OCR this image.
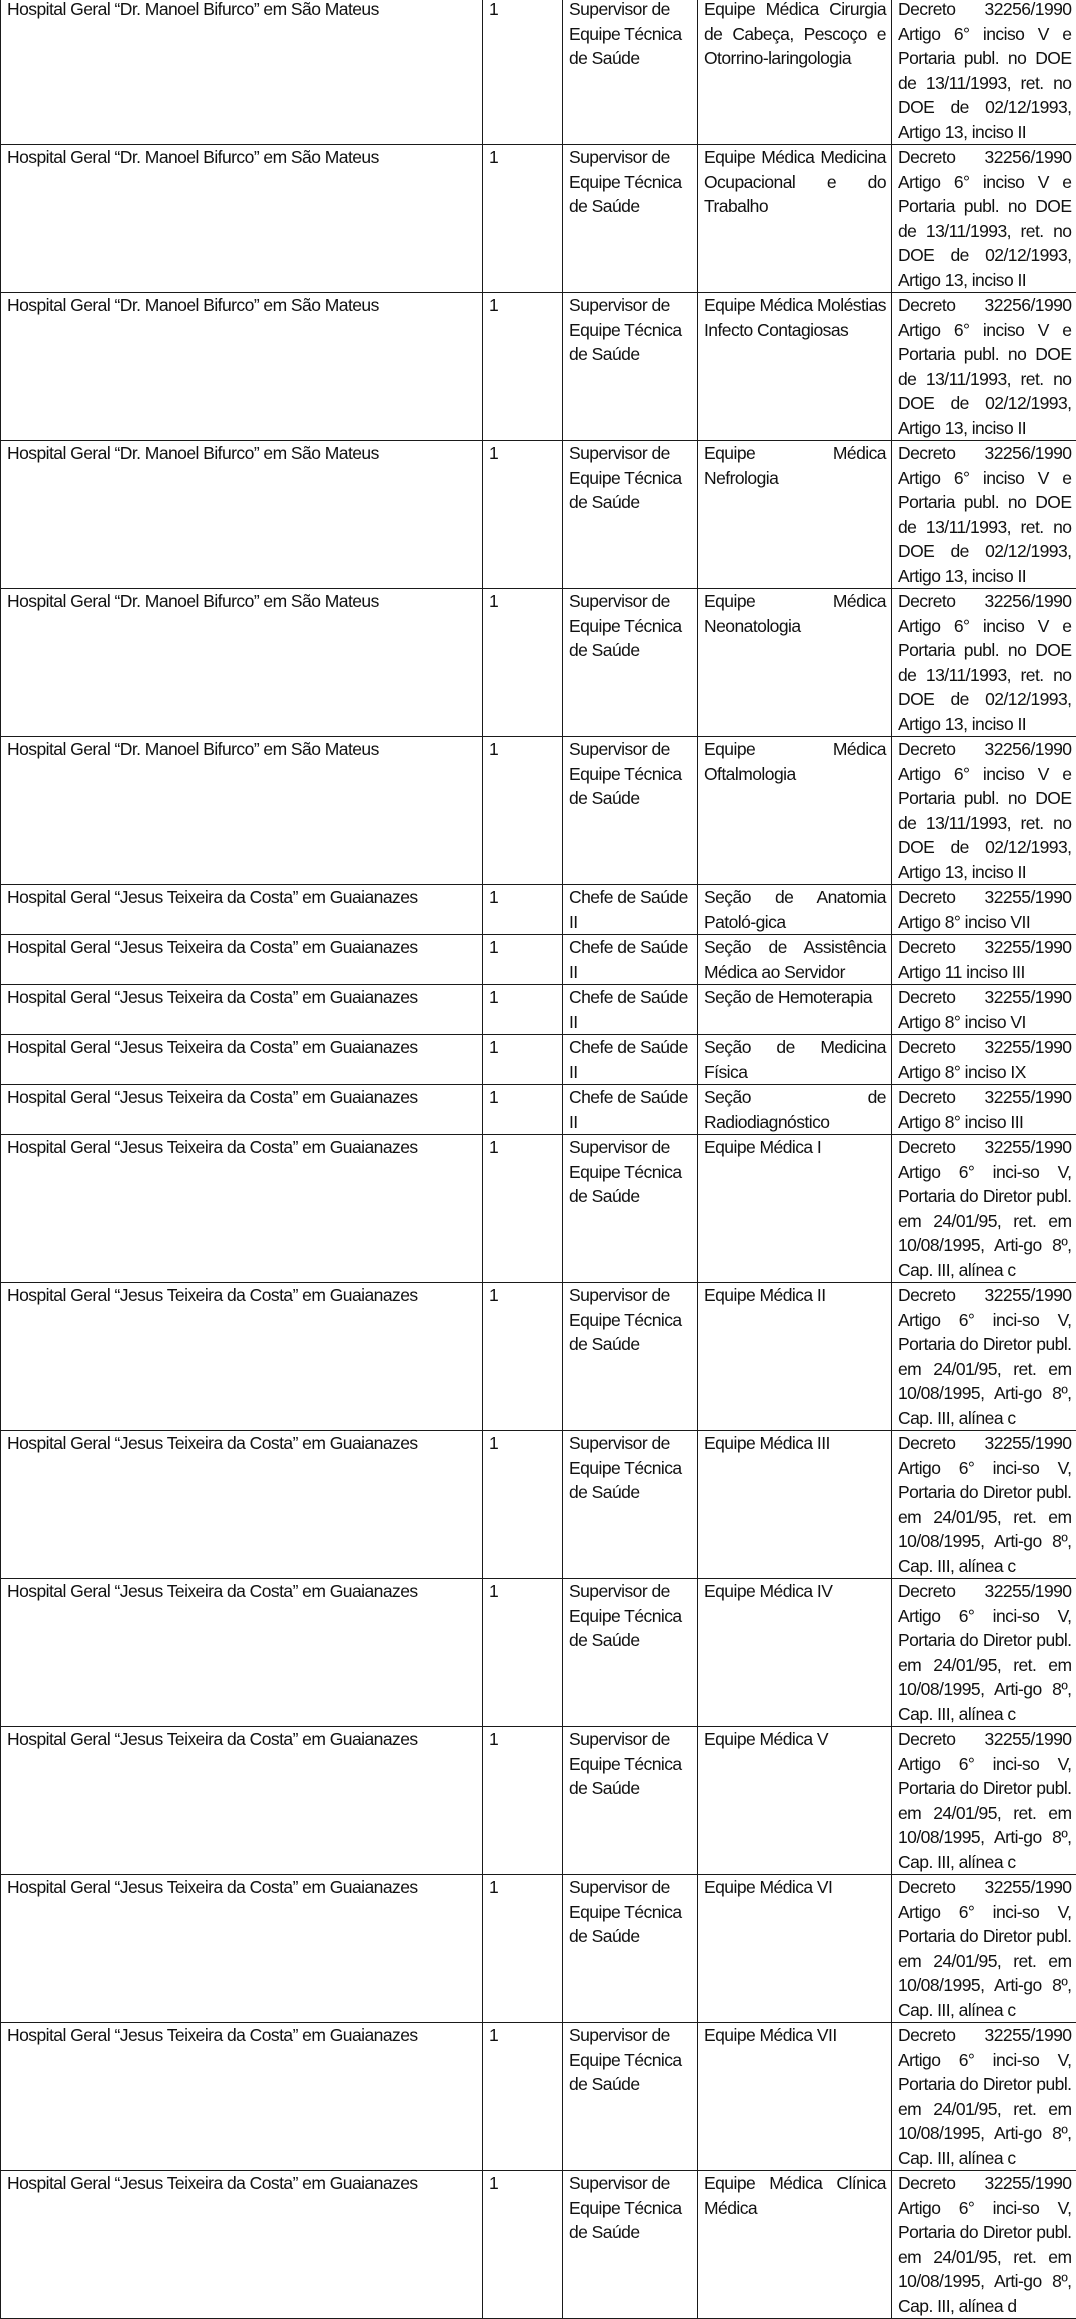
Hospital Geral “Dr. Manoel Bifurco” em São Mateus	1	Supervisor de Equipe Técnica de Saúde	Equipe Médica Cirurgia de Cabeça, Pescoço e Otorrino-laringologia	Decreto 32256/1990 Artigo 6° inciso V e Portaria publ. no DOE de 13/11/1993, ret. no DOE de 02/12/1993, Artigo 13, inciso II
Hospital Geral “Dr. Manoel Bifurco” em São Mateus	1	Supervisor de Equipe Técnica de Saúde	Equipe Médica Medicina Ocupacional e do Trabalho	Decreto 32256/1990 Artigo 6° inciso V e Portaria publ. no DOE de 13/11/1993, ret. no DOE de 02/12/1993, Artigo 13, inciso II
Hospital Geral “Dr. Manoel Bifurco” em São Mateus	1	Supervisor de Equipe Técnica de Saúde	Equipe Médica Moléstias Infecto Contagiosas	Decreto 32256/1990 Artigo 6° inciso V e Portaria publ. no DOE de 13/11/1993, ret. no DOE de 02/12/1993, Artigo 13, inciso II
Hospital Geral “Dr. Manoel Bifurco” em São Mateus	1	Supervisor de Equipe Técnica de Saúde	Equipe Médica Nefrologia	Decreto 32256/1990 Artigo 6° inciso V e Portaria publ. no DOE de 13/11/1993, ret. no DOE de 02/12/1993, Artigo 13, inciso II
Hospital Geral “Dr. Manoel Bifurco” em São Mateus	1	Supervisor de Equipe Técnica de Saúde	Equipe Médica Neonatologia	Decreto 32256/1990 Artigo 6° inciso V e Portaria publ. no DOE de 13/11/1993, ret. no DOE de 02/12/1993, Artigo 13, inciso II
Hospital Geral “Dr. Manoel Bifurco” em São Mateus	1	Supervisor de Equipe Técnica de Saúde	Equipe Médica Oftalmologia	Decreto 32256/1990 Artigo 6° inciso V e Portaria publ. no DOE de 13/11/1993, ret. no DOE de 02/12/1993, Artigo 13, inciso II
Hospital Geral “Jesus Teixeira da Costa” em Guaianazes	1	Chefe de Saúde II	Seção de Anatomia Patoló-gica	Decreto 32255/1990 Artigo 8° inciso VII
Hospital Geral “Jesus Teixeira da Costa” em Guaianazes	1	Chefe de Saúde II	Seção de Assistência Médica ao Servidor	Decreto 32255/1990 Artigo 11 inciso III
Hospital Geral “Jesus Teixeira da Costa” em Guaianazes	1	Chefe de Saúde II	Seção de Hemoterapia	Decreto 32255/1990 Artigo 8° inciso VI
Hospital Geral “Jesus Teixeira da Costa” em Guaianazes	1	Chefe de Saúde II	Seção de Medicina Física	Decreto 32255/1990 Artigo 8° inciso IX
Hospital Geral “Jesus Teixeira da Costa” em Guaianazes	1	Chefe de Saúde II	Seção de Radiodiagnóstico	Decreto 32255/1990 Artigo 8° inciso III
Hospital Geral “Jesus Teixeira da Costa” em Guaianazes	1	Supervisor de Equipe Técnica de Saúde	Equipe Médica I	Decreto 32255/1990 Artigo 6° inci-so V, Portaria do Diretor publ. em 24/01/95, ret. em 10/08/1995, Arti-go 8º, Cap. III, alínea c
Hospital Geral “Jesus Teixeira da Costa” em Guaianazes	1	Supervisor de Equipe Técnica de Saúde	Equipe Médica II	Decreto 32255/1990 Artigo 6° inci-so V, Portaria do Diretor publ. em 24/01/95, ret. em 10/08/1995, Arti-go 8º, Cap. III, alínea c
Hospital Geral “Jesus Teixeira da Costa” em Guaianazes	1	Supervisor de Equipe Técnica de Saúde	Equipe Médica III	Decreto 32255/1990 Artigo 6° inci-so V, Portaria do Diretor publ. em 24/01/95, ret. em 10/08/1995, Arti-go 8º, Cap. III, alínea c
Hospital Geral “Jesus Teixeira da Costa” em Guaianazes	1	Supervisor de Equipe Técnica de Saúde	Equipe Médica IV	Decreto 32255/1990 Artigo 6° inci-so V, Portaria do Diretor publ. em 24/01/95, ret. em 10/08/1995, Arti-go 8º, Cap. III, alínea c
Hospital Geral “Jesus Teixeira da Costa” em Guaianazes	1	Supervisor de Equipe Técnica de Saúde	Equipe Médica V	Decreto 32255/1990 Artigo 6° inci-so V, Portaria do Diretor publ. em 24/01/95, ret. em 10/08/1995, Arti-go 8º, Cap. III, alínea c
Hospital Geral “Jesus Teixeira da Costa” em Guaianazes	1	Supervisor de Equipe Técnica de Saúde	Equipe Médica VI	Decreto 32255/1990 Artigo 6° inci-so V, Portaria do Diretor publ. em 24/01/95, ret. em 10/08/1995, Arti-go 8º, Cap. III, alínea c
Hospital Geral “Jesus Teixeira da Costa” em Guaianazes	1	Supervisor de Equipe Técnica de Saúde	Equipe Médica VII	Decreto 32255/1990 Artigo 6° inci-so V, Portaria do Diretor publ. em 24/01/95, ret. em 10/08/1995, Arti-go 8º, Cap. III, alínea c
Hospital Geral “Jesus Teixeira da Costa” em Guaianazes	1	Supervisor de Equipe Técnica de Saúde	Equipe Médica Clínica Médica	Decreto 32255/1990 Artigo 6° inci-so V, Portaria do Diretor publ. em 24/01/95, ret. em 10/08/1995, Arti-go 8º, Cap. III, alínea d
